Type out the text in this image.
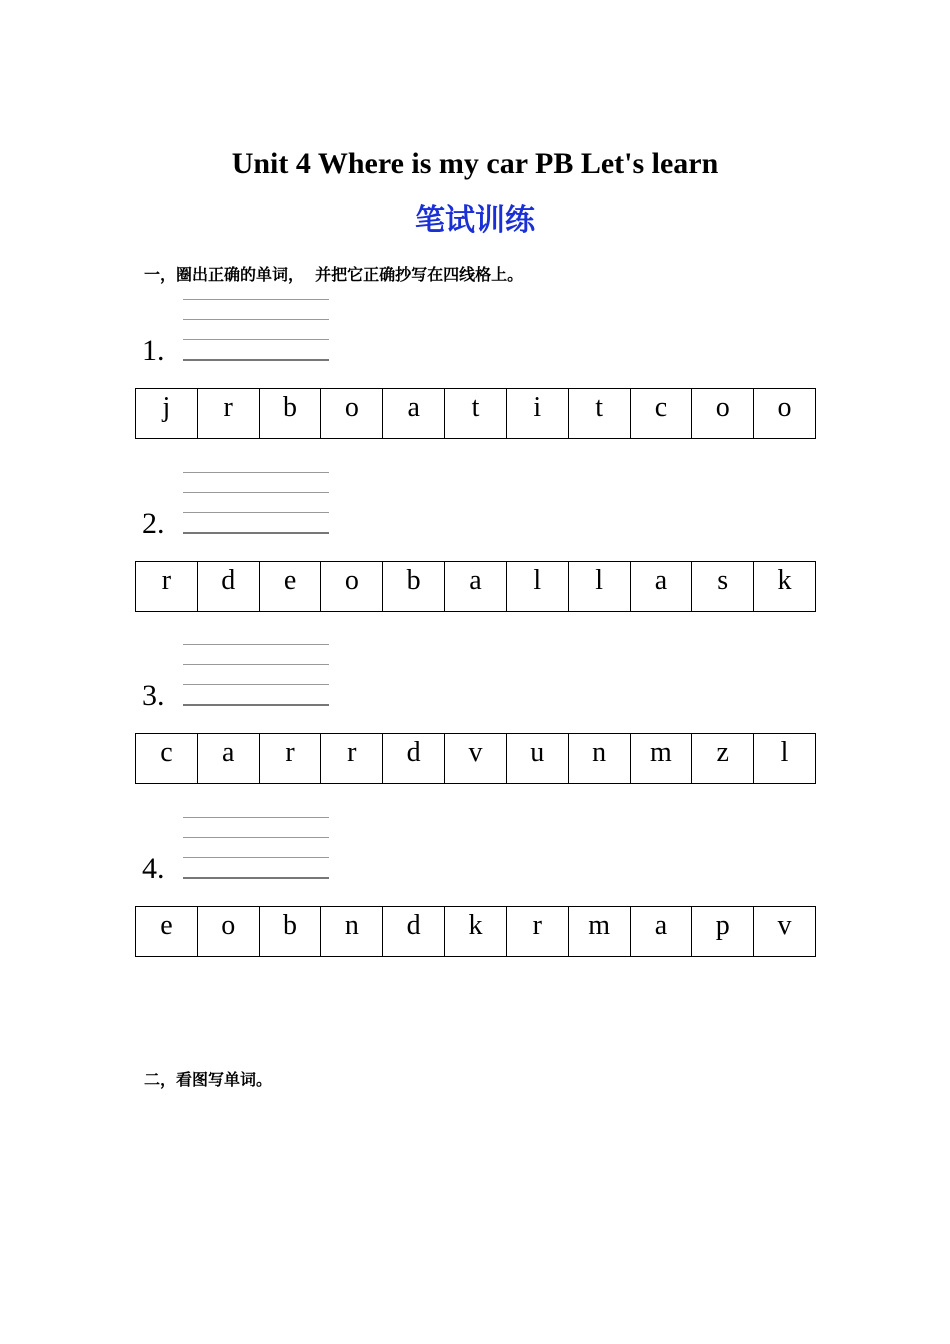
Unit 4 Where is my car PB Let's learn
笔试训练

一，圈出正确的单词，  并把它正确抄写在四线格上。

1.
j	r	b	o	a	t	i	t	c	o	o
2.
r	d	e	o	b	a	l	l	a	s	k
3.
c	a	r	r	d	v	u	n	m	z	l
4.
e	o	b	n	d	k	r	m	a	p	v

二，看图写单词。
